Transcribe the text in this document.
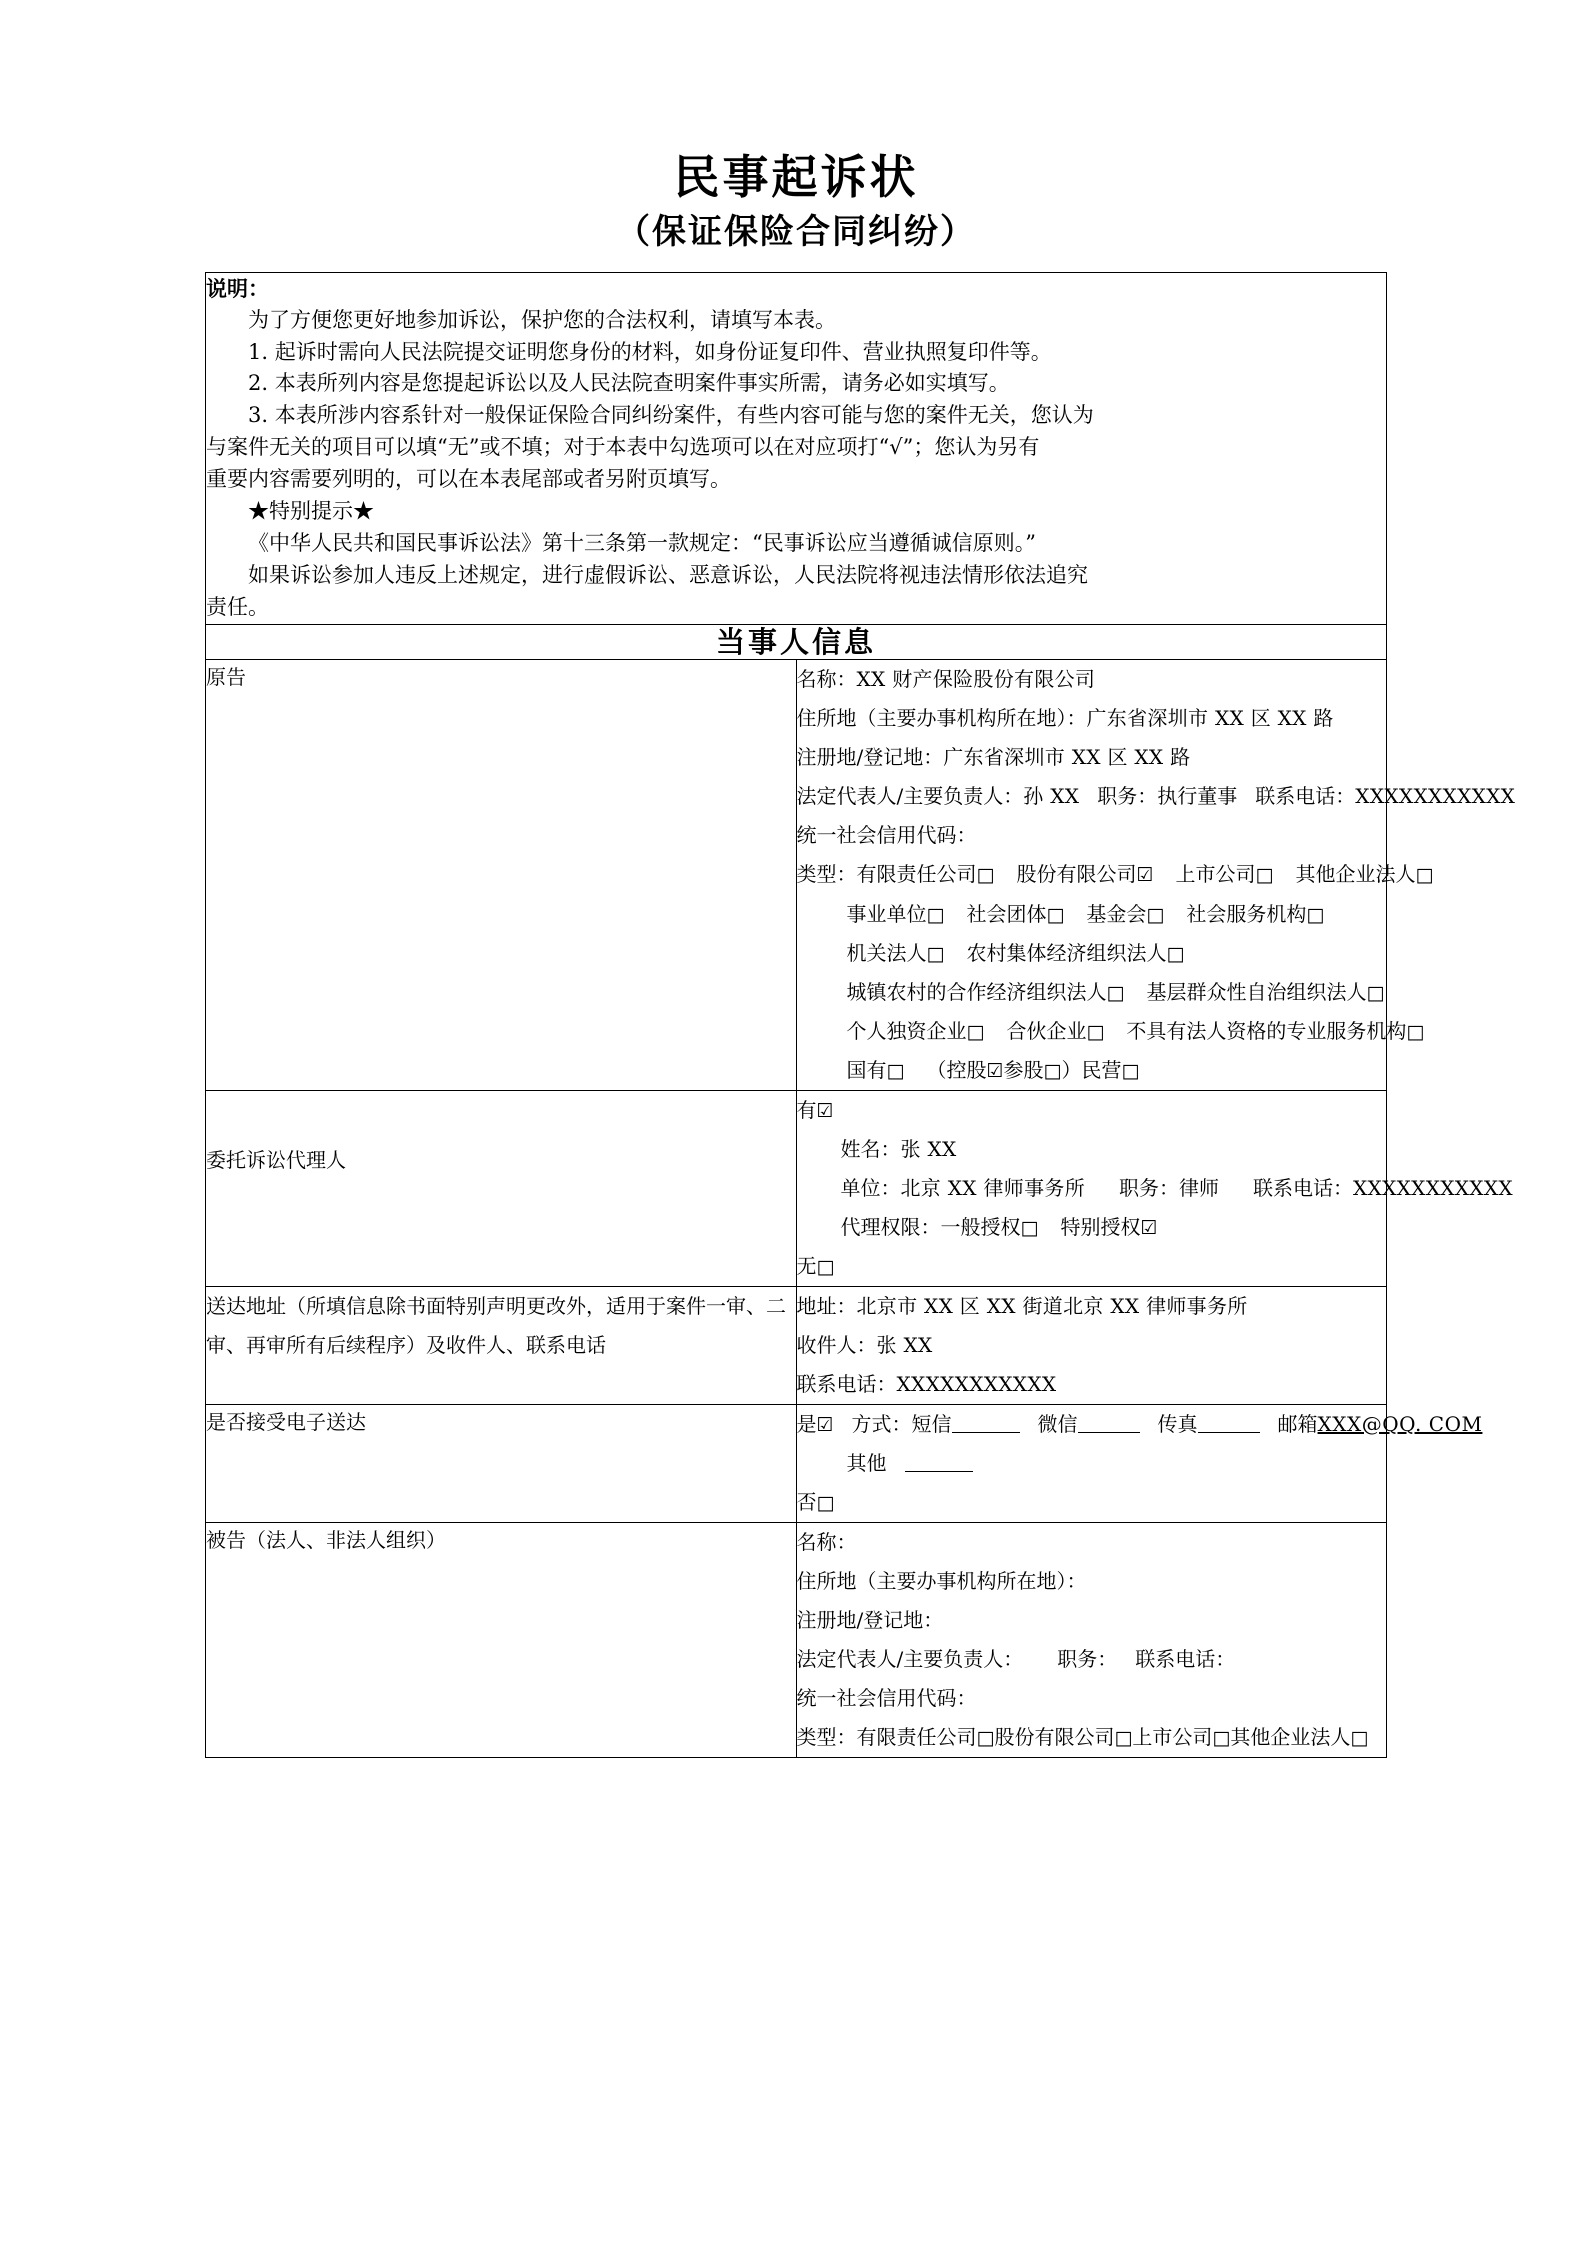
民事起诉状
（保证保险合同纠纷）
说明：
为了方便您更好地参加诉讼，保护您的合法权利，请填写本表。
1. 起诉时需向人民法院提交证明您身份的材料，如身份证复印件、营业执照复印件等。
2. 本表所列内容是您提起诉讼以及人民法院查明案件事实所需，请务必如实填写。
3. 本表所涉内容系针对一般保证保险合同纠纷案件，有些内容可能与您的案件无关，您认为
与案件无关的项目可以填“无”或不填；对于本表中勾选项可以在对应项打“√”；您认为另有
重要内容需要列明的，可以在本表尾部或者另附页填写。
★特别提示★
《中华人民共和国民事诉讼法》第十三条第一款规定：“民事诉讼应当遵循诚信原则。”
如果诉讼参加人违反上述规定，进行虚假诉讼、恶意诉讼，人民法院将视违法情形依法追究
责任。

当事人信息	
原告	名称：XX 财产保险股份有限公司
住所地（主要办事机构所在地）：广东省深圳市 XX 区 XX 路
注册地/登记地：广东省深圳市 XX 区 XX 路
法定代表人/主要负责人：孙 XX 职务：执行董事 联系电话：XXXXXXXXXXX
统一社会信用代码：
类型：有限责任公司□ 股份有限公司☑ 上市公司□ 其他企业法人□
事业单位□ 社会团体□ 基金会□ 社会服务机构□
机关法人□ 农村集体经济组织法人□
城镇农村的合作经济组织法人□ 基层群众性自治组织法人□
个人独资企业□ 合伙企业□ 不具有法人资格的专业服务机构□
国有□ （控股☑参股□）民营□

委托诉讼代理人	有☑
姓名：张 XX
单位：北京 XX 律师事务所 职务：律师 联系电话：XXXXXXXXXXX
代理权限：一般授权□ 特别授权☑
无□

送达地址（所填信息除书面特别声明更改外，适用于案件一审、二审、再审所有后续程序）及收件人、联系电话	地址：北京市 XX 区 XX 街道北京 XX 律师事务所
收件人：张 XX
联系电话：XXXXXXXXXXX

是否接受电子送达	是☑ 方式：短信 微信 传真 邮箱XXX@QQ. COM
其他
否□

被告（法人、非法人组织）	名称：
住所地（主要办事机构所在地）：
注册地/登记地：
法定代表人/主要负责人： 职务： 联系电话：
统一社会信用代码：
类型：有限责任公司□股份有限公司□上市公司□其他企业法人□
